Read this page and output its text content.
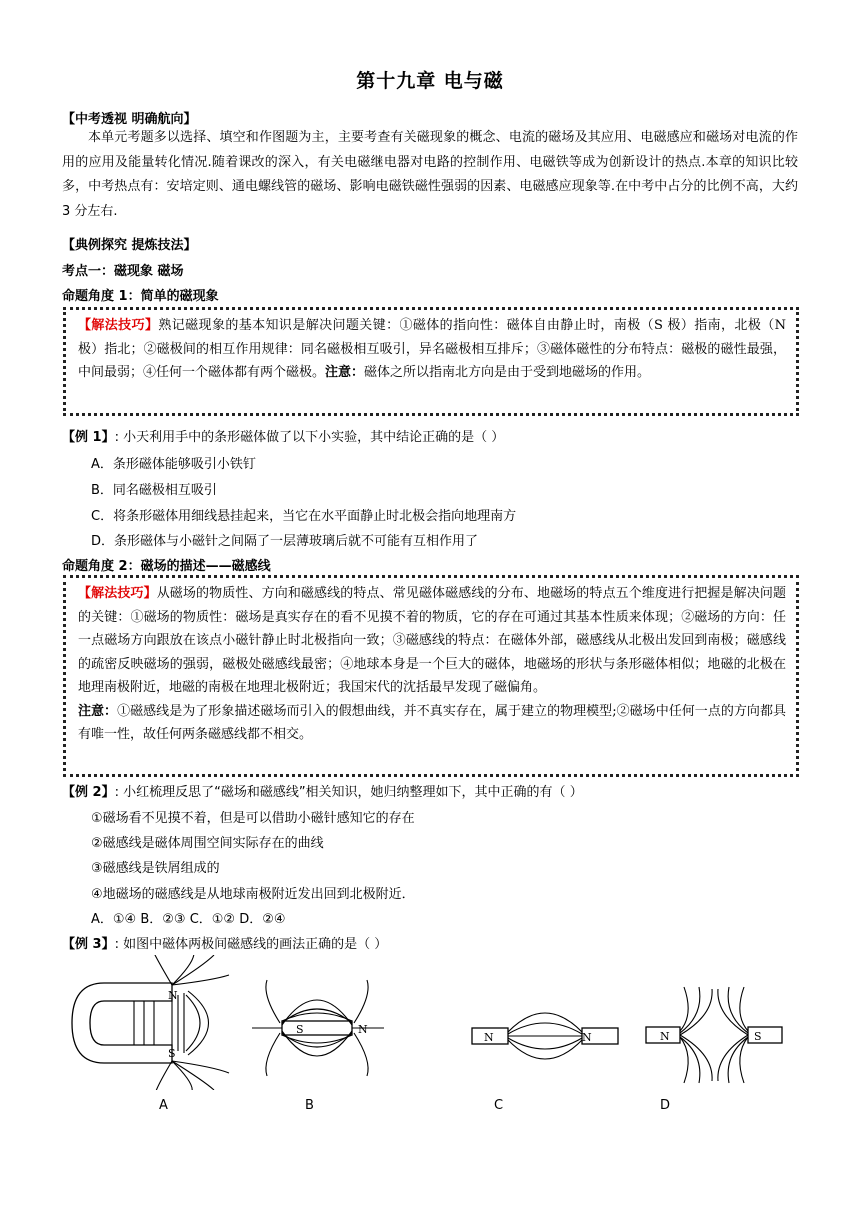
第十九章 电与磁
【中考透视 明确航向】
本单元考题多以选择、填空和作图题为主，主要考查有关磁现象的概念、电流的磁场及其应用、电磁感应和磁场对电流的作用的应用及能量转化情况.随着课改的深入，有关电磁继电器对电路的控制作用、电磁铁等成为创新设计的热点.本章的知识比较多，中考热点有：安培定则、通电螺线管的磁场、影响电磁铁磁性强弱的因素、电磁感应现象等.在中考中占分的比例不高，大约 3 分左右.
【典例探究 提炼技法】
考点一：磁现象 磁场
命题角度 1：简单的磁现象
【解法技巧】熟记磁现象的基本知识是解决问题关键：①磁体的指向性：磁体自由静止时，南极（S 极）指南，北极（N 极）指北；②磁极间的相互作用规律：同名磁极相互吸引，异名磁极相互排斥；③磁体磁性的分布特点：磁极的磁性最强，中间最弱；④任何一个磁体都有两个磁极。注意：磁体之所以指南北方向是由于受到地磁场的作用。
【例 1】: 小天利用手中的条形磁体做了以下小实验，其中结论正确的是（ ）
A．条形磁体能够吸引小铁钉
B．同名磁极相互吸引
C．将条形磁体用细线悬挂起来，当它在水平面静止时北极会指向地理南方
D．条形磁体与小磁针之间隔了一层薄玻璃后就不可能有互相作用了
命题角度 2：磁场的描述——磁感线
【解法技巧】从磁场的物质性、方向和磁感线的特点、常见磁体磁感线的分布、地磁场的特点五个维度进行把握是解决问题的关键：①磁场的物质性：磁场是真实存在的看不见摸不着的物质，它的存在可通过其基本性质来体现；②磁场的方向：任一点磁场方向跟放在该点小磁针静止时北极指向一致；③磁感线的特点：在磁体外部，磁感线从北极出发回到南极；磁感线的疏密反映磁场的强弱，磁极处磁感线最密；④地球本身是一个巨大的磁体，地磁场的形状与条形磁体相似；地磁的北极在地理南极附近，地磁的南极在地理北极附近；我国宋代的沈括最早发现了磁偏角。
注意：①磁感线是为了形象描述磁场而引入的假想曲线，并不真实存在，属于建立的物理模型;②磁场中任何一点的方向都具有唯一性，故任何两条磁感线都不相交。
【例 2】: 小红梳理反思了“磁场和磁感线”相关知识，她归纳整理如下，其中正确的有（ ）
①磁场看不见摸不着，但是可以借助小磁针感知它的存在
②磁感线是磁体周围空间实际存在的曲线
③磁感线是铁屑组成的
④地磁场的磁感线是从地球南极附近发出回到北极附近．
A．①④ B．②③ C．①② D．②④
【例 3】: 如图中磁体两极间磁感线的画法正确的是（ ）
N
S
S	N
N	N	N	S
A	B	C	D
